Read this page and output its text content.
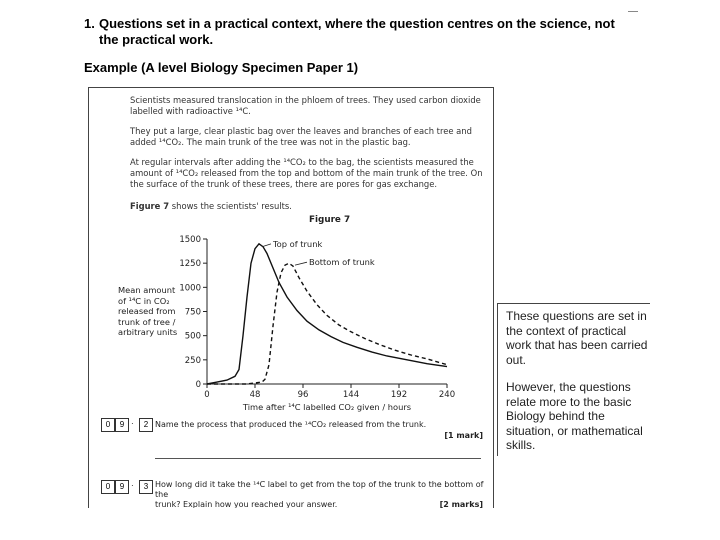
1. Questions set in a practical context, where the question centres on the science, not
the practical work.
Example (A level Biology Specimen Paper 1)
Scientists measured translocation in the phloem of trees. They used carbon dioxide
labelled with radioactive ¹⁴C.
They put a large, clear plastic bag over the leaves and branches of each tree and
added ¹⁴CO₂. The main trunk of the tree was not in the plastic bag.
At regular intervals after adding the ¹⁴CO₂ to the bag, the scientists measured the
amount of ¹⁴CO₂ released from the top and bottom of the main trunk of the tree. On
the surface of the trunk of these trees, there are pores for gas exchange.
Figure 7 shows the scientists' results.
Figure 7
Mean amount
of ¹⁴C in CO₂
released from
trunk of tree /
arbitrary units
0
250
500
750
1000
1250
1500
0	48	96	144	192	240
Time after ¹⁴C labelled CO₂ given / hours
Top of trunk
Bottom of trunk
0	9 ·	2 Name the process that produced the ¹⁴CO₂ released from the trunk.
[1 mark]
0	9 ·	3 How long did it take the ¹⁴C label to get from the top of the trunk to the bottom of the
trunk? Explain how you reached your answer.	[2 marks]

These questions are set in the context of practical work that has been carried out.

However, the questions relate more to the basic Biology behind the situation, or mathematical skills.
